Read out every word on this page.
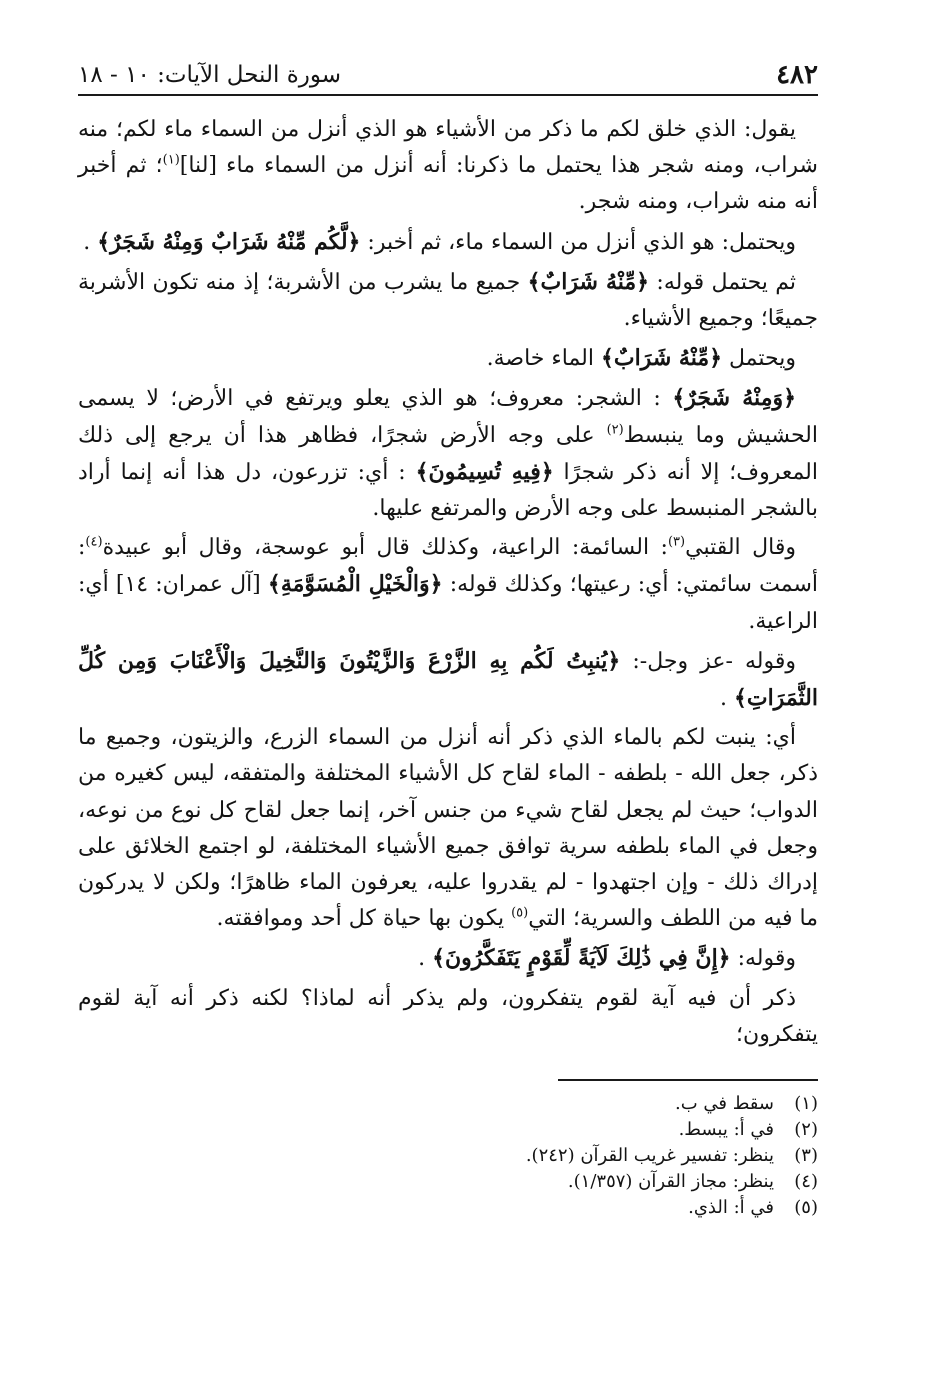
٤٨٢
سورة النحل الآيات: ١٠ - ١٨

يقول: الذي خلق لكم ما ذكر من الأشياء هو الذي أنزل من السماء ماء لكم؛ منه شراب، ومنه شجر هذا يحتمل ما ذكرنا: أنه أنزل من السماء ماء [لنا]$^{(١)}$؛ ثم أخبر أنه منه شراب، ومنه شجر.

ويحتمل: هو الذي أنزل من السماء ماء، ثم أخبر: ﴿لَّكُم مِّنْهُ شَرَابٌ وَمِنْهُ شَجَرٌ﴾ .

ثم يحتمل قوله: ﴿مِّنْهُ شَرَابٌ﴾ جميع ما يشرب من الأشربة؛ إذ منه تكون الأشربة جميعًا؛ وجميع الأشياء.

ويحتمل ﴿مِّنْهُ شَرَابٌ﴾ الماء خاصة.

﴿وَمِنْهُ شَجَرٌ﴾ : الشجر: معروف؛ هو الذي يعلو ويرتفع في الأرض؛ لا يسمى الحشيش وما ينبسط$^{(٢)}$ على وجه الأرض شجرًا، فظاهر هذا أن يرجع إلى ذلك المعروف؛ إلا أنه ذكر شجرًا ﴿فِيهِ تُسِيمُونَ﴾ : أي: تزرعون، دل هذا أنه إنما أراد بالشجر المنبسط على وجه الأرض والمرتفع عليها.

وقال القتبي$^{(٣)}$: السائمة: الراعية، وكذلك قال أبو عوسجة، وقال أبو عبيدة$^{(٤)}$: أسمت سائمتي: أي: رعيتها؛ وكذلك قوله: ﴿وَالْخَيْلِ الْمُسَوَّمَةِ﴾ [آل عمران: ١٤] أي: الراعية.

وقوله -عز وجل-: ﴿يُنبِتُ لَكُم بِهِ الزَّرْعَ وَالزَّيْتُونَ وَالنَّخِيلَ وَالْأَعْنَابَ وَمِن كُلِّ الثَّمَرَاتِ﴾ .

أي: ينبت لكم بالماء الذي ذكر أنه أنزل من السماء الزرع، والزيتون، وجميع ما ذكر، جعل الله - بلطفه - الماء لقاح كل الأشياء المختلفة والمتفقه، ليس كغيره من الدواب؛ حيث لم يجعل لقاح شيء من جنس آخر، إنما جعل لقاح كل نوع من نوعه، وجعل في الماء بلطفه سرية توافق جميع الأشياء المختلفة، لو اجتمع الخلائق على إدراك ذلك - وإن اجتهدوا - لم يقدروا عليه، يعرفون الماء ظاهرًا؛ ولكن لا يدركون ما فيه من اللطف والسرية؛ التي$^{(٥)}$ يكون بها حياة كل أحد وموافقته.

وقوله: ﴿إِنَّ فِي ذَٰلِكَ لَآيَةً لِّقَوْمٍ يَتَفَكَّرُونَ﴾ .

ذكر أن فيه آية لقوم يتفكرون، ولم يذكر أنه لماذا؟ لكنه ذكر أنه آية لقوم يتفكرون؛

(١)
سقط في ب.
(٢)
في أ: يبسط.
(٣)
ينظر: تفسير غريب القرآن (٢٤٢).
(٤)
ينظر: مجاز القرآن (١/٣٥٧).
(٥)
في أ: الذي.
